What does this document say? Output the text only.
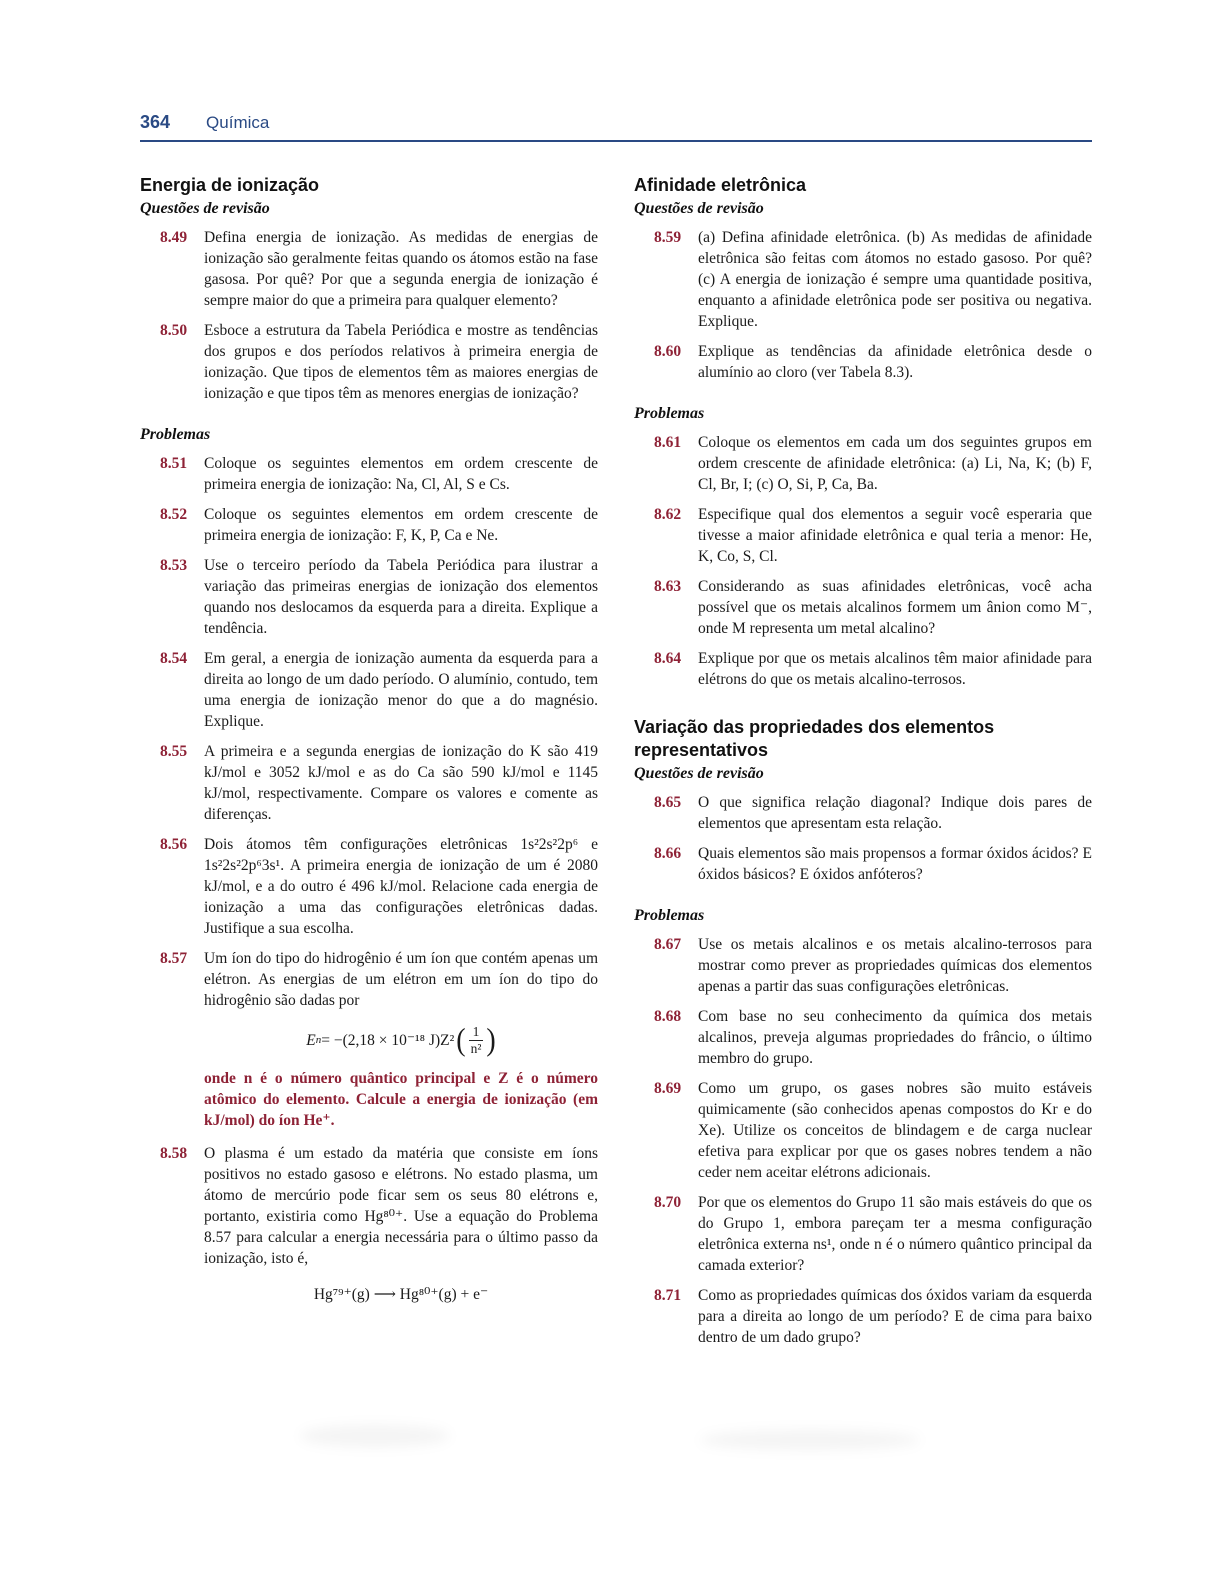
364 Química
Energia de ionização
Questões de revisão
8.49	Defina energia de ionização. As medidas de energias de ionização são geralmente feitas quando os átomos estão na fase gasosa. Por quê? Por que a segunda energia de ionização é sempre maior do que a primeira para qualquer elemento?
8.50	Esboce a estrutura da Tabela Periódica e mostre as tendências dos grupos e dos períodos relativos à primeira energia de ionização. Que tipos de elementos têm as maiores energias de ionização e que tipos têm as menores energias de ionização?
Problemas
8.51	Coloque os seguintes elementos em ordem crescente de primeira energia de ionização: Na, Cl, Al, S e Cs.
8.52	Coloque os seguintes elementos em ordem crescente de primeira energia de ionização: F, K, P, Ca e Ne.
8.53	Use o terceiro período da Tabela Periódica para ilustrar a variação das primeiras energias de ionização dos elementos quando nos deslocamos da esquerda para a direita. Explique a tendência.
8.54	Em geral, a energia de ionização aumenta da esquerda para a direita ao longo de um dado período. O alumínio, contudo, tem uma energia de ionização menor do que a do magnésio. Explique.
8.55	A primeira e a segunda energias de ionização do K são 419 kJ/mol e 3052 kJ/mol e as do Ca são 590 kJ/mol e 1145 kJ/mol, respectivamente. Compare os valores e comente as diferenças.
8.56	Dois átomos têm configurações eletrônicas 1s²2s²2p⁶ e 1s²2s²2p⁶3s¹. A primeira energia de ionização de um é 2080 kJ/mol, e a do outro é 496 kJ/mol. Relacione cada energia de ionização a uma das configurações eletrônicas dadas. Justifique a sua escolha.
8.57	Um íon do tipo do hidrogênio é um íon que contém apenas um elétron. As energias de um elétron em um íon do tipo do hidrogênio são dadas por
E n = −(2,18 × 10⁻¹⁸ J)Z² ( $\frac{1}{\text{n²}}$ )
onde n é o número quântico principal e Z é o número atômico do elemento. Calcule a energia de ionização (em kJ/mol) do íon He⁺.
8.58	O plasma é um estado da matéria que consiste em íons positivos no estado gasoso e elétrons. No estado plasma, um átomo de mercúrio pode ficar sem os seus 80 elétrons e, portanto, existiria como Hg⁸⁰⁺. Use a equação do Problema 8.57 para calcular a energia necessária para o último passo da ionização, isto é,
Hg⁷⁹⁺(g) ⟶ Hg⁸⁰⁺(g) + e⁻
Afinidade eletrônica
Questões de revisão
8.59	(a) Defina afinidade eletrônica. (b) As medidas de afinidade eletrônica são feitas com átomos no estado gasoso. Por quê? (c) A energia de ionização é sempre uma quantidade positiva, enquanto a afinidade eletrônica pode ser positiva ou negativa. Explique.
8.60	Explique as tendências da afinidade eletrônica desde o alumínio ao cloro (ver Tabela 8.3).
Problemas
8.61	Coloque os elementos em cada um dos seguintes grupos em ordem crescente de afinidade eletrônica: (a) Li, Na, K; (b) F, Cl, Br, I; (c) O, Si, P, Ca, Ba.
8.62	Especifique qual dos elementos a seguir você esperaria que tivesse a maior afinidade eletrônica e qual teria a menor: He, K, Co, S, Cl.
8.63	Considerando as suas afinidades eletrônicas, você acha possível que os metais alcalinos formem um ânion como M⁻, onde M representa um metal alcalino?
8.64	Explique por que os metais alcalinos têm maior afinidade para elétrons do que os metais alcalino-terrosos.
Variação das propriedades dos elementos representativos
Questões de revisão
8.65	O que significa relação diagonal? Indique dois pares de elementos que apresentam esta relação.
8.66	Quais elementos são mais propensos a formar óxidos ácidos? E óxidos básicos? E óxidos anfóteros?
Problemas
8.67	Use os metais alcalinos e os metais alcalino-terrosos para mostrar como prever as propriedades químicas dos elementos apenas a partir das suas configurações eletrônicas.
8.68	Com base no seu conhecimento da química dos metais alcalinos, preveja algumas propriedades do frâncio, o último membro do grupo.
8.69	Como um grupo, os gases nobres são muito estáveis quimicamente (são conhecidos apenas compostos do Kr e do Xe). Utilize os conceitos de blindagem e de carga nuclear efetiva para explicar por que os gases nobres tendem a não ceder nem aceitar elétrons adicionais.
8.70	Por que os elementos do Grupo 11 são mais estáveis do que os do Grupo 1, embora pareçam ter a mesma configuração eletrônica externa ns¹, onde n é o número quântico principal da camada exterior?
8.71	Como as propriedades químicas dos óxidos variam da esquerda para a direita ao longo de um período? E de cima para baixo dentro de um dado grupo?
